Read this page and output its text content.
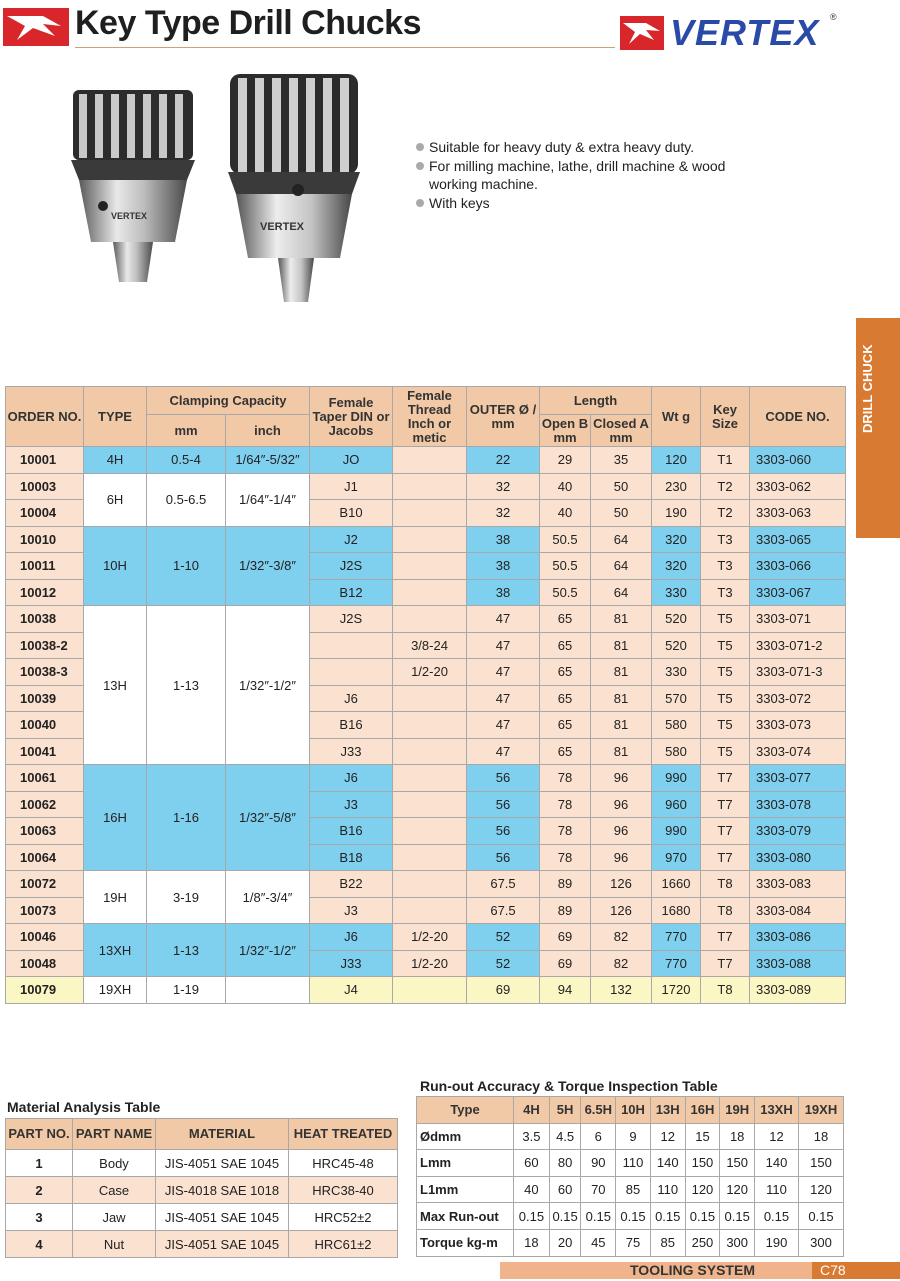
Key Type Drill Chucks	VERTEX ®
VERTEX
VERTEX
Suitable for heavy duty & extra heavy duty.
For milling machine, lathe, drill machine & wood working machine.
With keys
DRILL CHUCK
ORDER NO.	TYPE	Clamping Capacity		Female Taper DIN or Jacobs	Female Thread Inch or metic	OUTER Ø / mm	Length		Wt g	Key Size	CODE NO.
		mm	inch				Open B mm	Closed A mm			
10001	4H	0.5-4	1/64″-5/32″	JO		22	29	35	120	T1	3303-060
10003	6H	0.5-6.5	1/64″-1/4″	J1		32	40	50	230	T2	3303-062
10004				B10		32	40	50	190	T2	3303-063
10010	10H	1-10	1/32″-3/8″	J2		38	50.5	64	320	T3	3303-065
10011				J2S		38	50.5	64	320	T3	3303-066
10012				B12		38	50.5	64	330	T3	3303-067
10038	13H	1-13	1/32″-1/2″	J2S		47	65	81	520	T5	3303-071
10038-2					3/8-24	47	65	81	520	T5	3303-071-2
10038-3					1/2-20	47	65	81	330	T5	3303-071-3
10039				J6		47	65	81	570	T5	3303-072
10040				B16		47	65	81	580	T5	3303-073
10041				J33		47	65	81	580	T5	3303-074
10061	16H	1-16	1/32″-5/8″	J6		56	78	96	990	T7	3303-077
10062				J3		56	78	96	960	T7	3303-078
10063				B16		56	78	96	990	T7	3303-079
10064				B18		56	78	96	970	T7	3303-080
10072	19H	3-19	1/8″-3/4″	B22		67.5	89	126	1660	T8	3303-083
10073				J3		67.5	89	126	1680	T8	3303-084
10046	13XH	1-13	1/32″-1/2″	J6	1/2-20	52	69	82	770	T7	3303-086
10048				J33	1/2-20	52	69	82	770	T7	3303-088
10079	19XH	1-19		J4		69	94	132	1720	T8	3303-089
Material Analysis Table
PART NO.	PART NAME	MATERIAL	HEAT TREATED
1	Body	JIS-4051 SAE 1045	HRC45-48
2	Case	JIS-4018 SAE 1018	HRC38-40
3	Jaw	JIS-4051 SAE 1045	HRC52±2
4	Nut	JIS-4051 SAE 1045	HRC61±2
Run-out Accuracy & Torque Inspection Table
Type	4H	5H	6.5H	10H	13H	16H	19H	13XH	19XH
Ødmm	3.5	4.5	6	9	12	15	18	12	18
Lmm	60	80	90	110	140	150	150	140	150
L1mm	40	60	70	85	110	120	120	110	120
Max Run-out	0.15	0.15	0.15	0.15	0.15	0.15	0.15	0.15	0.15
Torque kg-m	18	20	45	75	85	250	300	190	300
TOOLING SYSTEM	C78
